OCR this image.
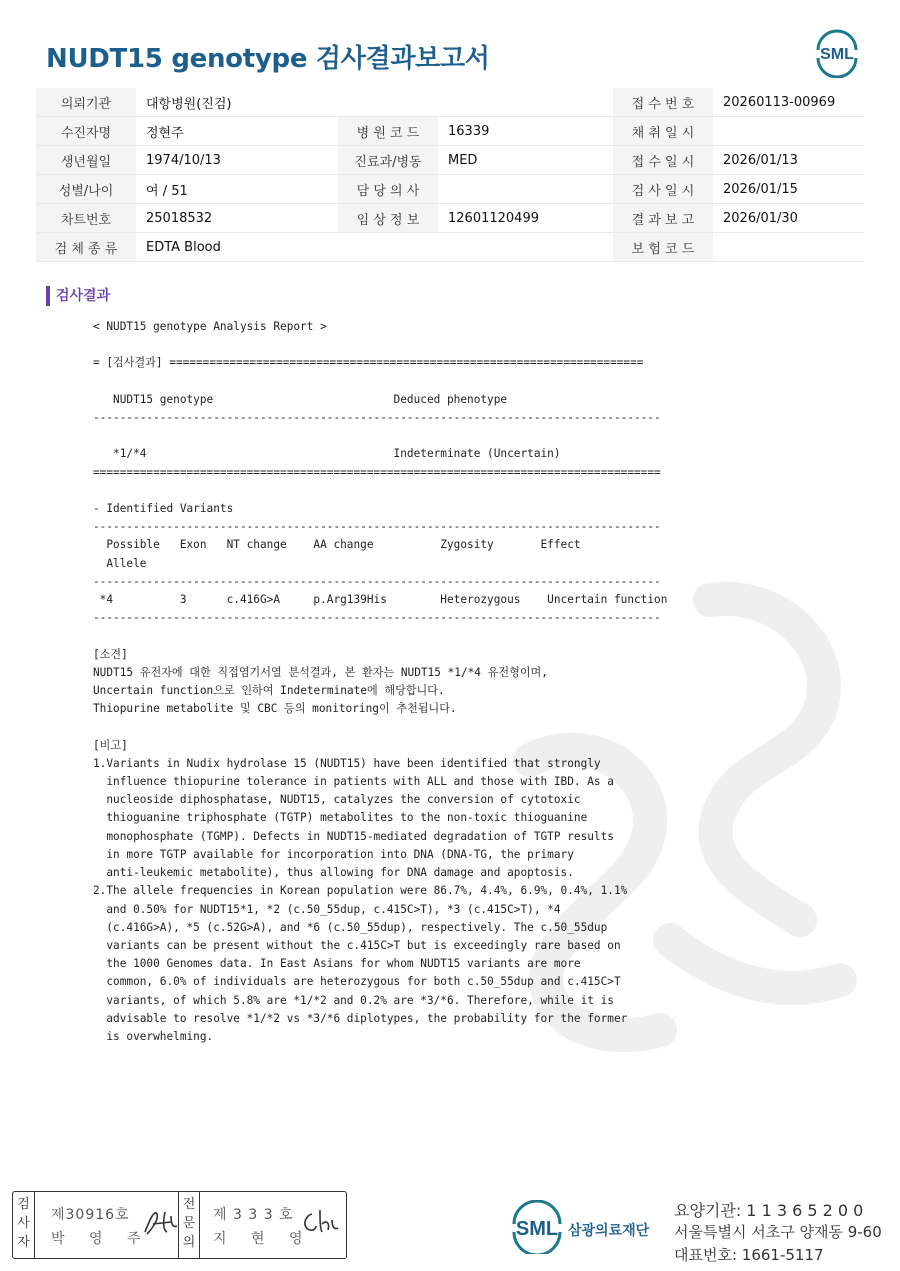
NUDT15 genotype 검사결과보고서	SML
의뢰기관	대항병원(진검)			접 수 번 호	20260113-00969
수진자명	정현주	병 원 코 드	16339	채 취 일 시	
생년월일	1974/10/13	진료과/병동	MED	접 수 일 시	2026/01/13
성별/나이	여 / 51	담 당 의 사		검 사 일 시	2026/01/15
차트번호	25018532	임 상 정 보	12601120499	결 과 보 고	2026/01/30
검 체 종 류	EDTA Blood			보 험 코 드	
검사결과
< NUDT15 genotype Analysis Report >

= [검사결과] =======================================================================

NUDT15 genotype                           Deduced phenotype
-------------------------------------------------------------------------------------

*1/*4                                     Indeterminate (Uncertain)
=====================================================================================

- Identified Variants
-------------------------------------------------------------------------------------
Possible   Exon   NT change    AA change          Zygosity       Effect
Allele
-------------------------------------------------------------------------------------
*4          3      c.416G>A     p.Arg139His        Heterozygous    Uncertain function
-------------------------------------------------------------------------------------

[소견]
NUDT15 유전자에 대한 직접염기서열 분석결과, 본 환자는 NUDT15 *1/*4 유전형이며,
Uncertain function으로 인하여 Indeterminate에 해당합니다.
Thiopurine metabolite 및 CBC 등의 monitoring이 추천됩니다.

[비고]
1.Variants in Nudix hydrolase 15 (NUDT15) have been identified that strongly
influence thiopurine tolerance in patients with ALL and those with IBD. As a
nucleoside diphosphatase, NUDT15, catalyzes the conversion of cytotoxic
thioguanine triphosphate (TGTP) metabolites to the non-toxic thioguanine
monophosphate (TGMP). Defects in NUDT15-mediated degradation of TGTP results
in more TGTP available for incorporation into DNA (DNA-TG, the primary
anti-leukemic metabolite), thus allowing for DNA damage and apoptosis.
2.The allele frequencies in Korean population were 86.7%, 4.4%, 6.9%, 0.4%, 1.1%
and 0.50% for NUDT15*1, *2 (c.50_55dup, c.415C>T), *3 (c.415C>T), *4
(c.416G>A), *5 (c.52G>A), and *6 (c.50_55dup), respectively. The c.50_55dup
variants can be present without the c.415C>T but is exceedingly rare based on
the 1000 Genomes data. In East Asians for whom NUDT15 variants are more
common, 6.0% of individuals are heterozygous for both c.50_55dup and c.415C>T
variants, of which 5.8% are *1/*2 and 0.2% are *3/*6. Therefore, while it is
advisable to resolve *1/*2 vs *3/*6 diplotypes, the probability for the former
is overwhelming.
검
사
자
제30916호
박 영 주
전
문
의
제 3 3 3 호
지 현 영	SML 삼광의료재단
요양기관: 1 1 3 6 5 2 0 0
서울특별시 서초구 양재동 9-60
대표번호: 1661-5117
